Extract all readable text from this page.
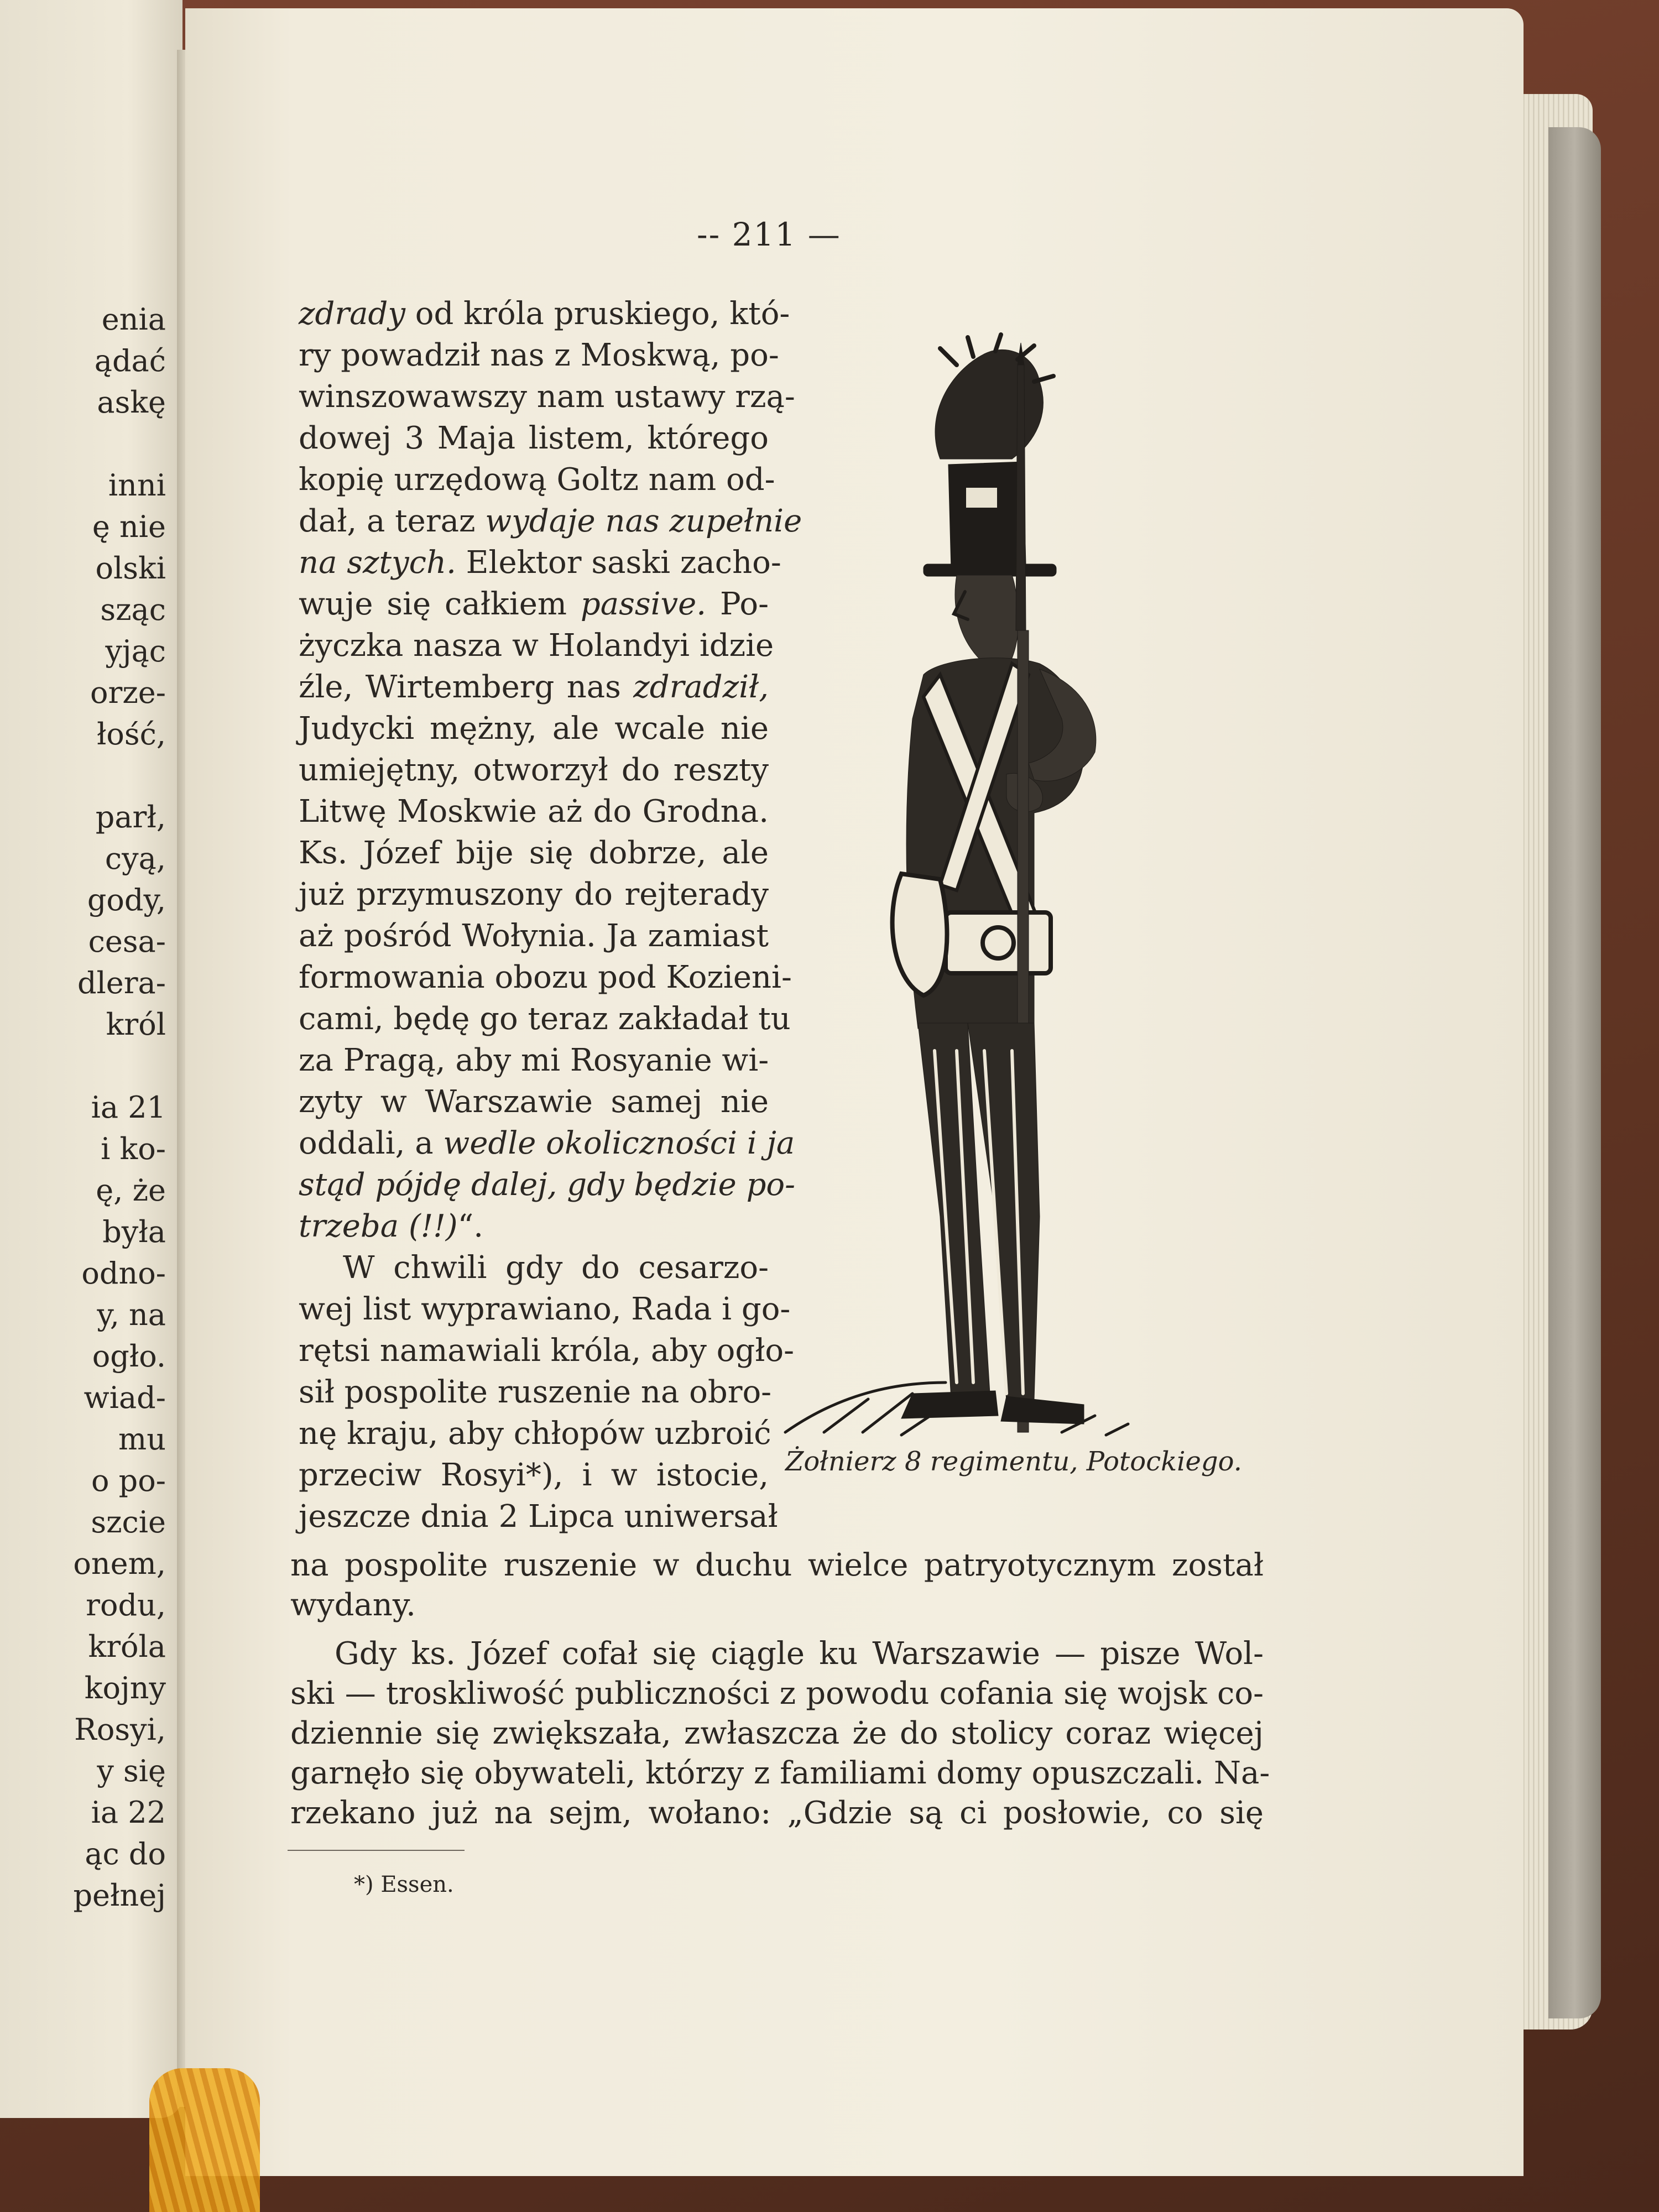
enia
ądać
askę

inni
ę nie
olski
sząc
yjąc
orze-
łość,

parł,
cyą,
gody,
cesa-
dlera-
król

ia 21
i ko-
ę, że
była
odno-
y, na
ogło.
wiad-
mu
o po-
szcie
onem,
rodu,
króla
kojny
Rosyi,
y się
ia 22
ąc do
pełnej
-- 211 —
zdrady od króla pruskiego, któ-
ry powadził nas z Moskwą, po-
winszowawszy nam ustawy rzą-
dowej 3 Maja listem, którego
kopię urzędową Goltz nam od-
dał, a teraz wydaje nas zupełnie
na sztych. Elektor saski zacho-
wuje się całkiem passive. Po-
życzka nasza w Holandyi idzie
źle, Wirtemberg nas zdradził,
Judycki mężny, ale wcale nie
umiejętny, otworzył do reszty
Litwę Moskwie aż do Grodna.
Ks. Józef bije się dobrze, ale
już przymuszony do rejterady
aż pośród Wołynia. Ja zamiast
formowania obozu pod Kozieni-
cami, będę go teraz zakładał tu
za Pragą, aby mi Rosyanie wi-
zyty w Warszawie samej nie
oddali, a wedle okoliczności i ja
stąd pójdę dalej, gdy będzie po-
trzeba (!!)“.
W chwili gdy do cesarzo-
wej list wyprawiano, Rada i go-
rętsi namawiali króla, aby ogło-
sił pospolite ruszenie na obro-
nę kraju, aby chłopów uzbroić
przeciw Rosyi*), i w istocie,
jeszcze dnia 2 Lipca uniwersał
Żołnierz 8 regimentu, Potockiego.
na pospolite ruszenie w duchu wielce patryotycznym został
wydany.
Gdy ks. Józef cofał się ciągle ku Warszawie — pisze Wol-
ski — troskliwość publiczności z powodu cofania się wojsk co-
dziennie się zwiększała, zwłaszcza że do stolicy coraz więcej
garnęło się obywateli, którzy z familiami domy opuszczali. Na-
rzekano już na sejm, wołano: „Gdzie są ci posłowie, co się
*) Essen.
